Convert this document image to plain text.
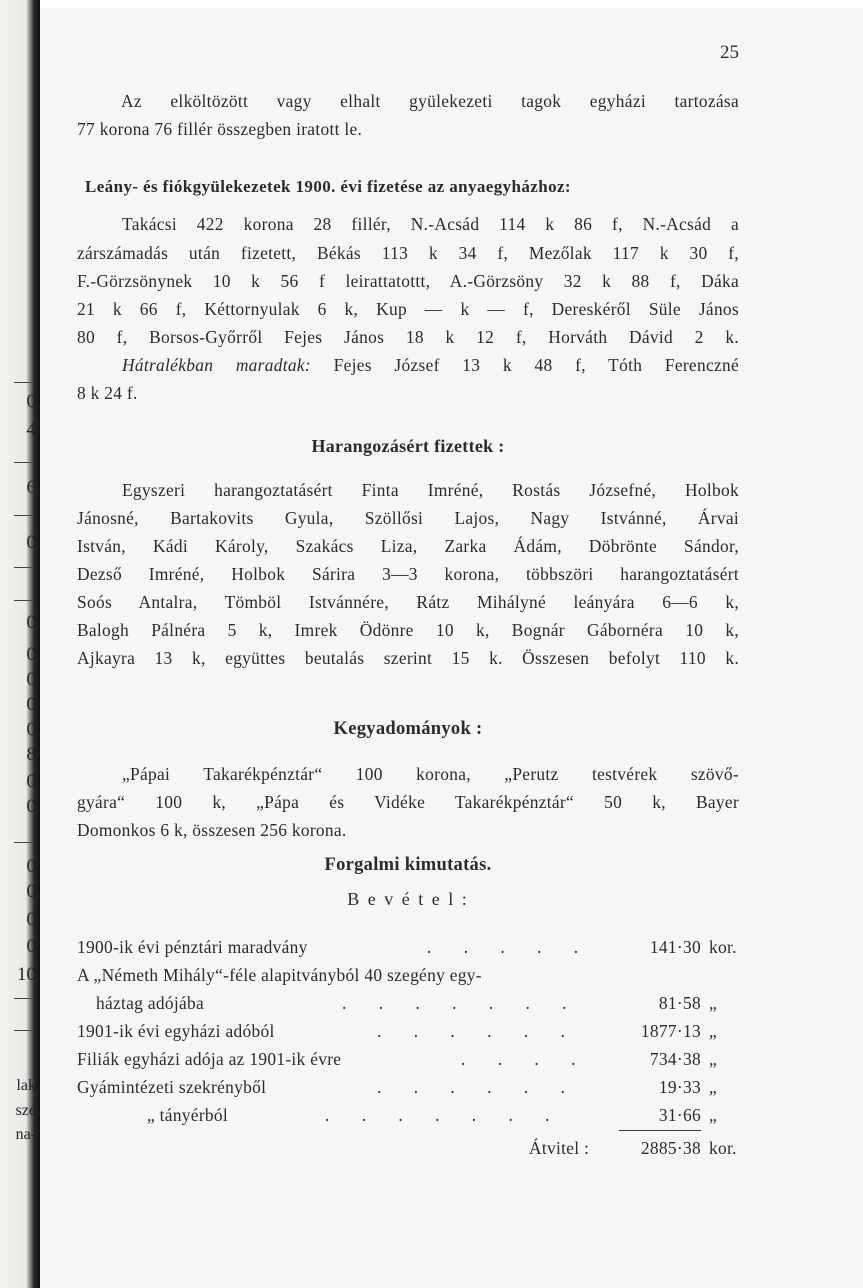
0
4
6
0
0
0
0
0
0
8
0
0
0
0
0
0
10
lak
szé
na-
25
Az elköltözött vagy elhalt gyülekezeti tagok egyházi tartozása
77 korona 76 fillér összegben iratott le.
Leány- és fiókgyülekezetek 1900. évi fizetése az anyaegyházhoz:
Takácsi 422 korona 28 fillér, N.-Acsád 114 k 86 f, N.-Acsád a
zárszámadás után fizetett, Békás 113 k 34 f, Mezőlak 117 k 30 f,
F.-Görzsönynek 10 k 56 f leirattatottt, A.-Görzsöny 32 k 88 f, Dáka
21 k 66 f, Kéttornyulak 6 k, Kup — k — f, Dereskéről Süle János
80 f, Borsos-Győrről Fejes János 18 k 12 f, Horváth Dávid 2 k.
Hátralékban maradtak: Fejes József 13 k 48 f, Tóth Ferenczné
8 k 24 f.
Harangozásért fizettek :
Egyszeri harangoztatásért Finta Imréné, Rostás Józsefné, Holbok
Jánosné, Bartakovits Gyula, Szöllősi Lajos, Nagy Istvánné, Árvai
István, Kádi Károly, Szakács Liza, Zarka Ádám, Döbrönte Sándor,
Dezső Imréné, Holbok Sárira 3—3 korona, többszöri harangoztatásért
Soós Antalra, Tömböl Istvánnére, Rátz Mihályné leányára 6—6 k,
Balogh Pálnéra 5 k, Imrek Ödönre 10 k, Bognár Gábornéra 10 k,
Ajkayra 13 k, együttes beutalás szerint 15 k. Összesen befolyt 110 k.
Kegyadományok :
„Pápai Takarékpénztár“ 100 korona, „Perutz testvérek szövő-
gyára“ 100 k, „Pápa és Vidéke Takarékpénztár“ 50 k, Bayer
Domonkos 6 k, összesen 256 korona.
Forgalmi kimutatás.
B e v é t e l :
1900-ik évi pénztári maradvány	. . . . .	141·30 kor.
A „Németh Mihály“-féle alapitványból 40 szegény egy-
háztag adójába	. . . . . . .	81·58 „
1901-ik évi egyházi adóból	. . . . . .	1877·13 „
Filiák egyházi adója az 1901-ik évre	. . . .	734·38 „
Gyámintézeti szekrényből	. . . . . .	19·33 „
„ tányérból	. . . . . . .	31·66 „
Átvitel :	2885·38 kor.
